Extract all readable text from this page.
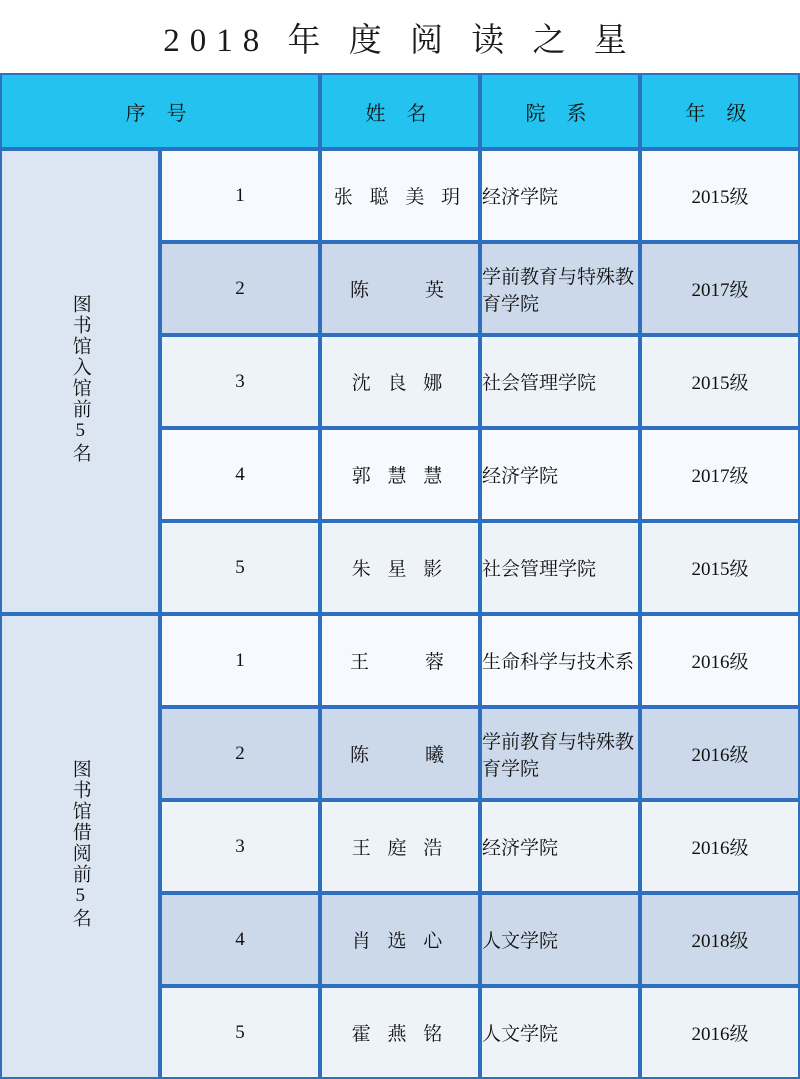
2018 年 度 阅 读 之 星
序 号		姓 名	院 系	年 级
图书馆入馆前5名	1	张 聪 美 玥	经济学院	2015级
	2	陈　　英	学前教育与特殊教育学院	2017级
	3	沈 良 娜	社会管理学院	2015级
	4	郭 慧 慧	经济学院	2017级
	5	朱 星 影	社会管理学院	2015级
图书馆借阅前5名	1	王　　蓉	生命科学与技术系	2016级
	2	陈　　曦	学前教育与特殊教育学院	2016级
	3	王 庭 浩	经济学院	2016级
	4	肖 选 心	人文学院	2018级
	5	霍 燕 铭	人文学院	2016级
